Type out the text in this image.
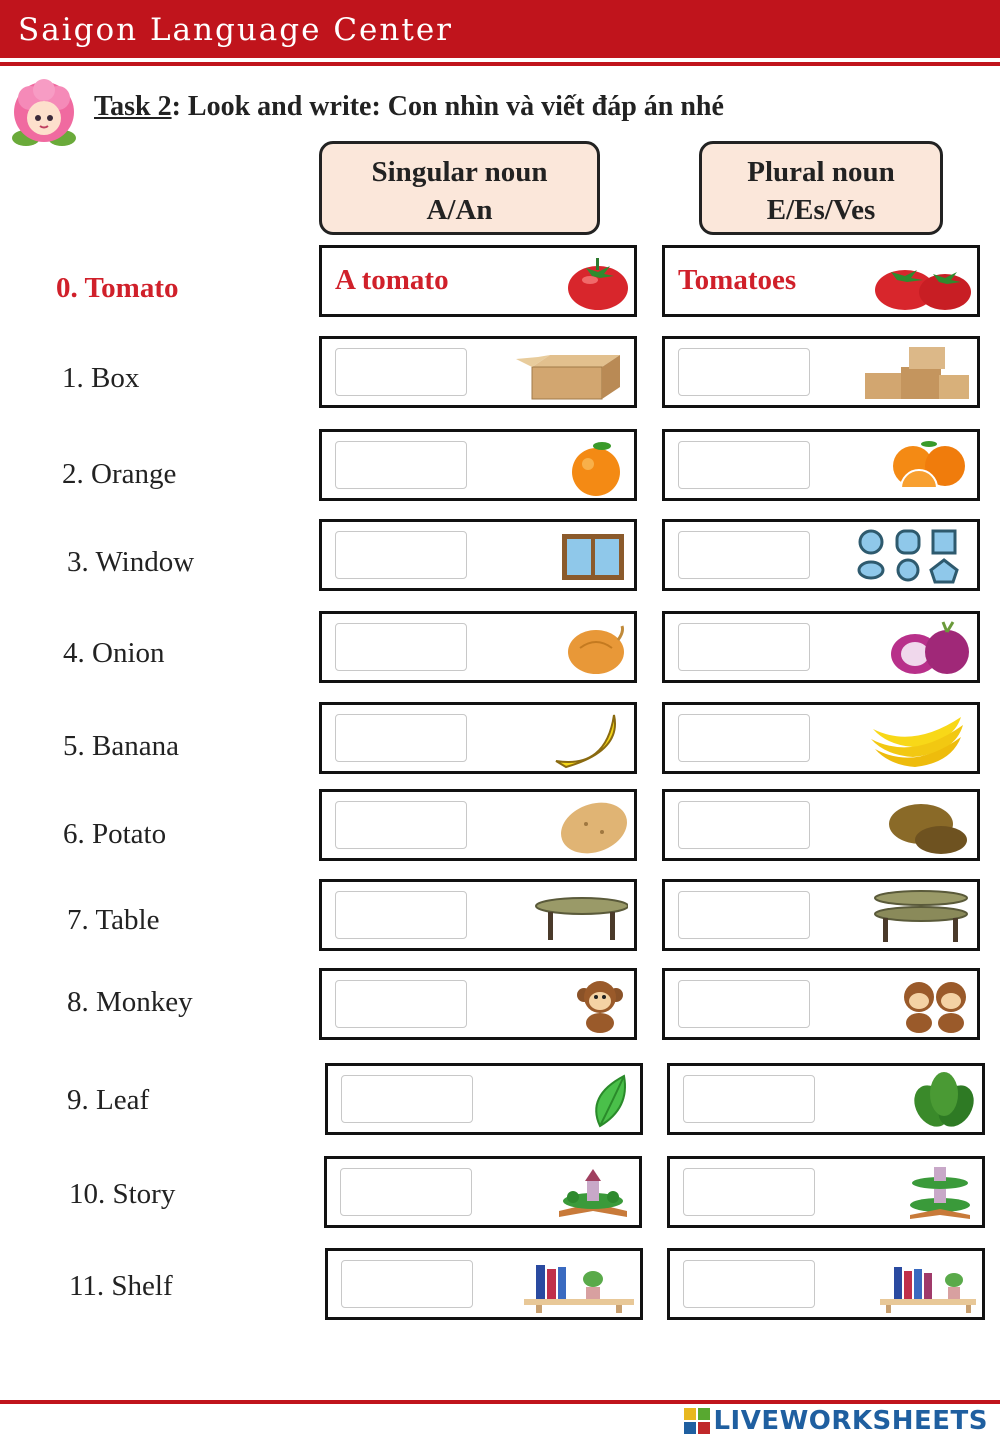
Saigon Language Center
Task 2: Look and write: Con nhìn và viết đáp án nhé
Singular noun
A/An
Plural noun
E/Es/Ves
0. Tomato	A tomato	Tomatoes
1. Box
2. Orange
3. Window
4. Onion
5. Banana
6. Potato
7. Table
8. Monkey
9. Leaf
10. Story
11. Shelf
LIVEWORKSHEETS
